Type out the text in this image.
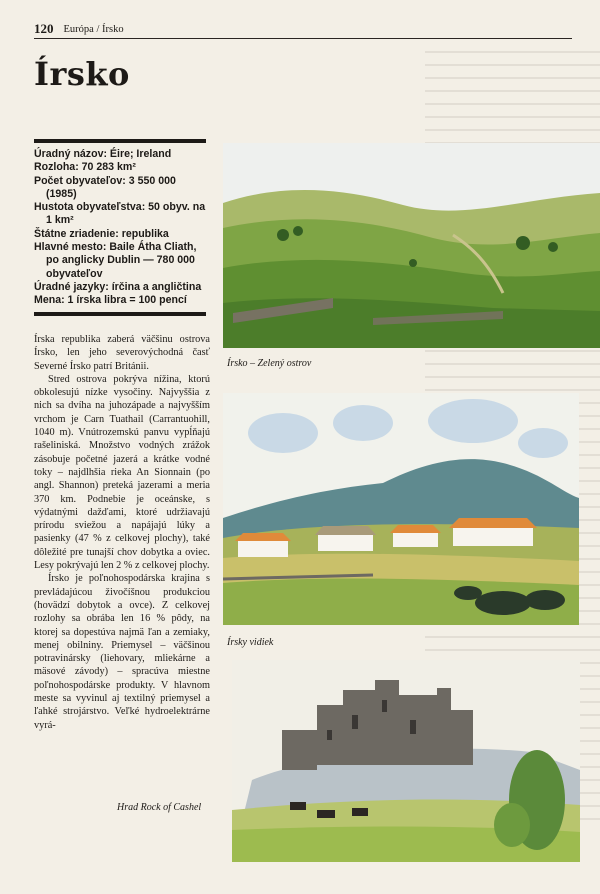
120 Európa / Írsko
Írsko
Úradný názov: Éire; Ireland
Rozloha: 70 283 km²
Počet obyvateľov: 3 550 000 (1985)
Hustota obyvateľstva: 50 obyv. na 1 km²
Štátne zriadenie: republika
Hlavné mesto: Baile Átha Cliath, po anglicky Dublin — 780 000 obyvateľov
Úradné jazyky: írčina a angličtina
Mena: 1 írska libra = 100 pencí

Írska republika zaberá väčšinu ostrova Írsko, len jeho severovýchodná časť Severné Írsko patrí Británii.

Stred ostrova pokrýva nížina, ktorú obkolesujú nízke vysočiny. Najvyššia z nich sa dvíha na juhozápade a najvyšším vrchom je Carn Tuathail (Carrantuohill, 1040 m). Vnútrozemskú panvu vypĺňajú rašeliniská. Množstvo vodných zrážok zásobuje početné jazerá a krátke vodné toky – najdlhšia rieka An Sionnain (po angl. Shannon) preteká jazerami a meria 370 km. Podnebie je oceánske, s výdatnými dažďami, ktoré udržiavajú prírodu sviežou a napájajú lúky a pasienky (47 % z celkovej plochy), také dôležité pre tunajší chov dobytka a oviec. Lesy pokrývajú len 2 % z celkovej plochy.

Írsko je poľnohospodárska krajina s prevládajúcou živočíšnou produkciou (hovädzí dobytok a ovce). Z celkovej rozlohy sa obrába len 16 % pôdy, na ktorej sa dopestúva najmä ľan a zemiaky, menej obilniny. Priemysel – väčšinou potravinársky (liehovary, mliekárne a mäsové závody) – spracúva miestne poľnohospodárske produkty. V hlavnom meste sa vyvinul aj textilný priemysel a ľahké strojárstvo. Veľké hydroelektrárne vyrá-

Írsko – Zelený ostrov
Írsky vidiek
Hrad Rock of Cashel
